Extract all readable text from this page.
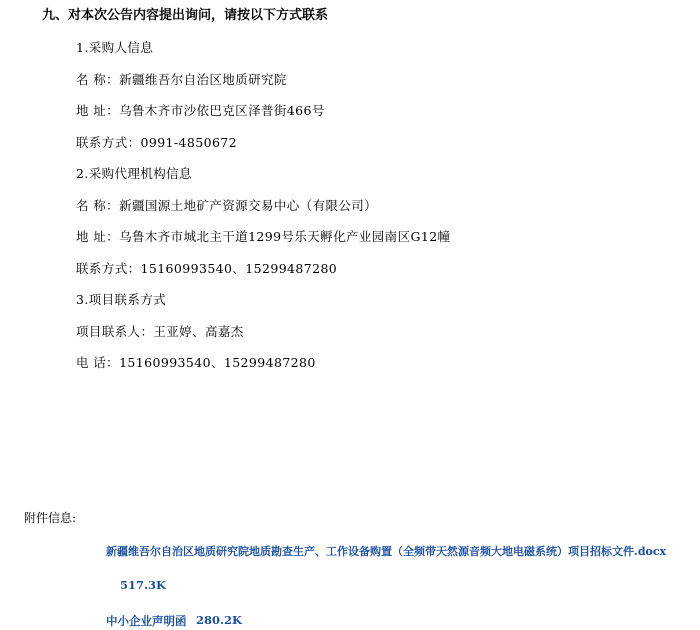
九、对本次公告内容提出询问，请按以下方式联系
1.采购人信息
名 称：新疆维吾尔自治区地质研究院
地 址：乌鲁木齐市沙依巴克区泽普街466号
联系方式：0991-4850672
2.采购代理机构信息
名 称：新疆国源土地矿产资源交易中心（有限公司）
地 址：乌鲁木齐市城北主干道1299号乐天孵化产业园南区G12幢
联系方式：15160993540、15299487280
3.项目联系方式
项目联系人：王亚婷、高嘉杰
电 话：15160993540、15299487280
附件信息:
新疆维吾尔自治区地质研究院地质勘查生产、工作设备购置（全频带天然源音频大地电磁系统）项目招标文件.docx
517.3K
中小企业声明函 280.2K
